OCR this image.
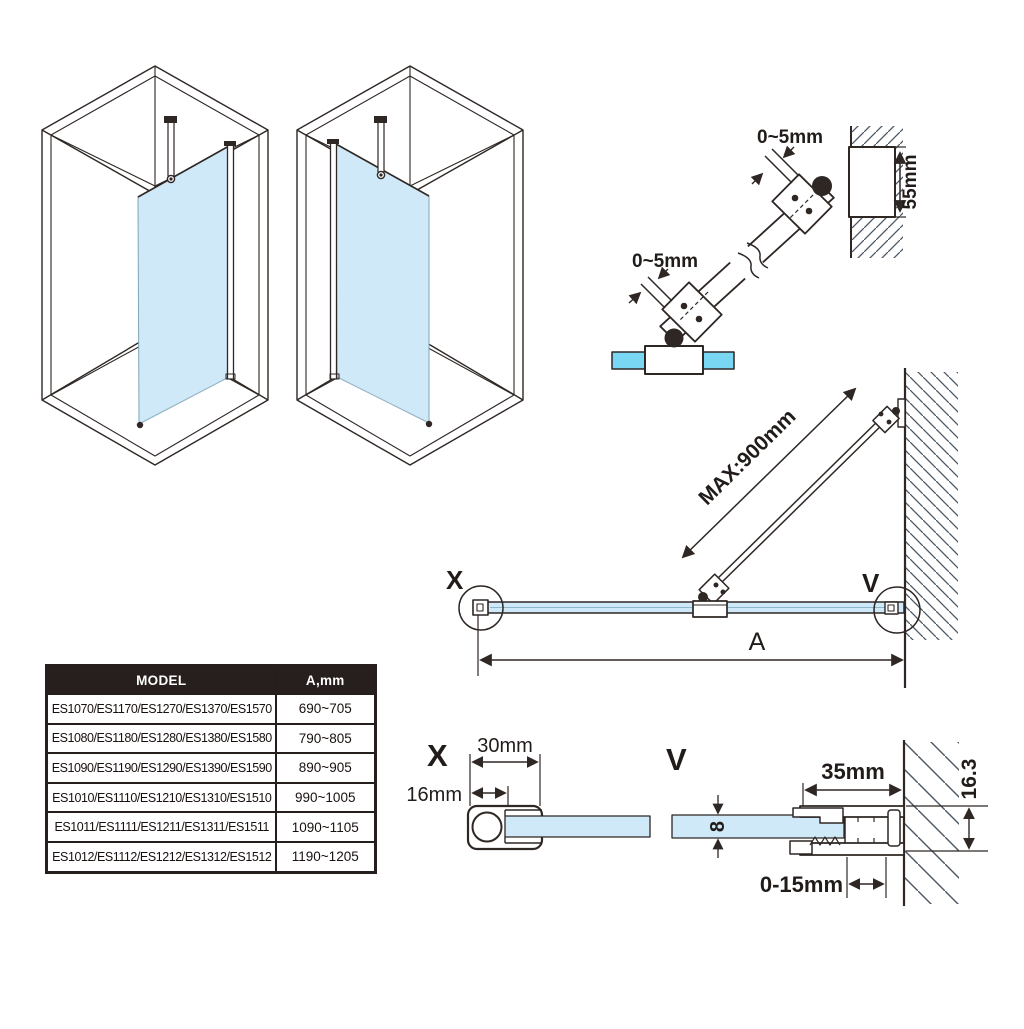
0~5mm
0~5mm
55mm
MAX:900mm
X	V
A
X 30mm
16mm
V
8
35mm
0-15mm
16.3
MODEL	A,mm
ES1070/ES1170/ES1270/ES1370/ES1570	690~705
ES1080/ES1180/ES1280/ES1380/ES1580	790~805
ES1090/ES1190/ES1290/ES1390/ES1590	890~905
ES1010/ES1110/ES1210/ES1310/ES1510	990~1005
ES1011/ES1111/ES1211/ES1311/ES1511	1090~1105
ES1012/ES1112/ES1212/ES1312/ES1512	1190~1205
